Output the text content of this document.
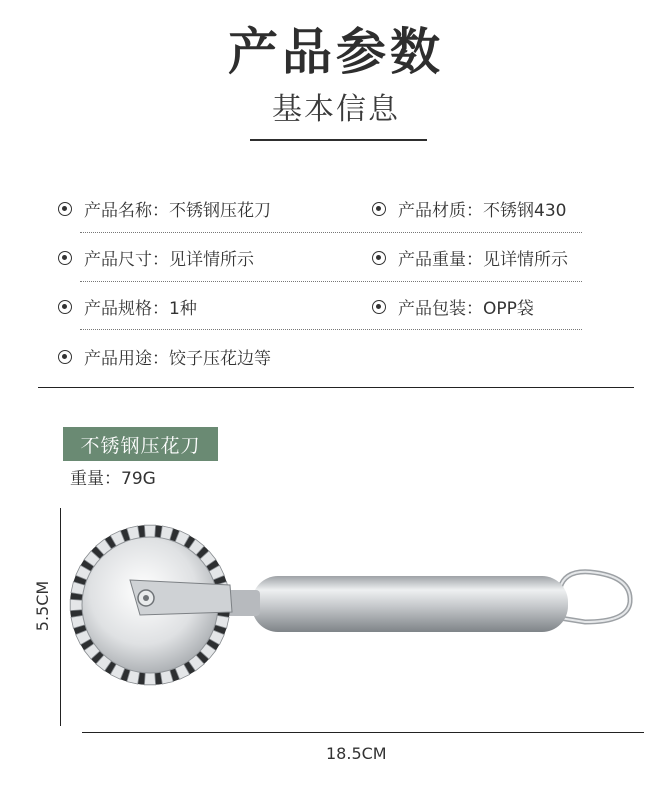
产品参数
基本信息
产品名称：不锈钢压花刀	产品材质：不锈钢430
产品尺寸：见详情所示	产品重量：见详情所示
产品规格：1种	产品包装：OPP袋
产品用途：饺子压花边等
不锈钢压花刀
重量：79G
5.5CM
18.5CM
